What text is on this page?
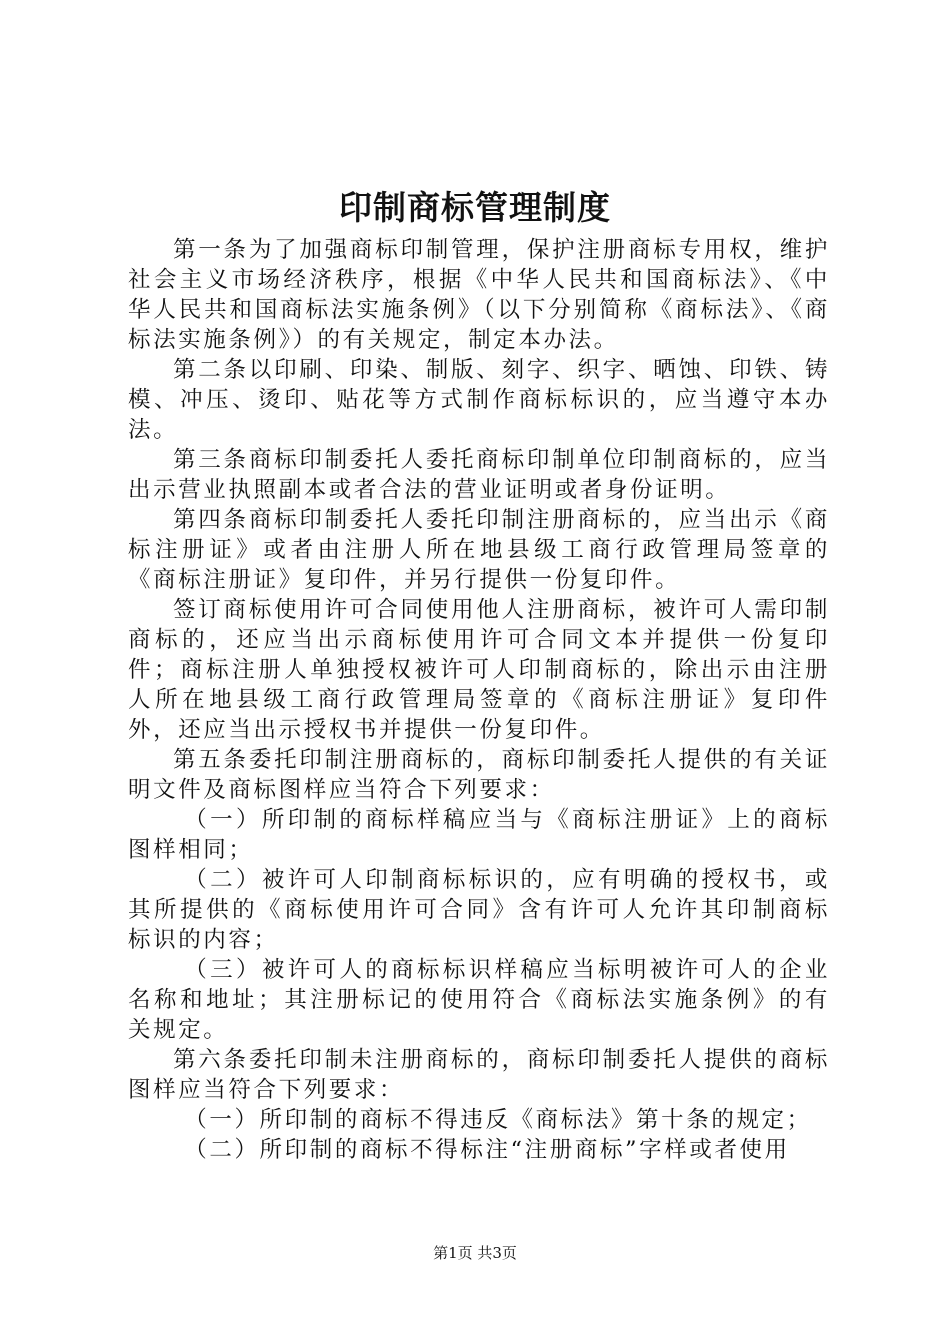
印制商标管理制度

第一条为了加强商标印制管理，保护注册商标专用权，维护社会主义市场经济秩序，根据《中华人民共和国商标法》、《中华人民共和国商标法实施条例》（以下分别简称《商标法》、《商标法实施条例》）的有关规定，制定本办法。

第二条以印刷、印染、制版、刻字、织字、晒蚀、印铁、铸模、冲压、烫印、贴花等方式制作商标标识的，应当遵守本办法。

第三条商标印制委托人委托商标印制单位印制商标的，应当出示营业执照副本或者合法的营业证明或者身份证明。

第四条商标印制委托人委托印制注册商标的，应当出示《商标注册证》或者由注册人所在地县级工商行政管理局签章的《商标注册证》复印件，并另行提供一份复印件。

签订商标使用许可合同使用他人注册商标，被许可人需印制商标的，还应当出示商标使用许可合同文本并提供一份复印件；商标注册人单独授权被许可人印制商标的，除出示由注册人所在地县级工商行政管理局签章的《商标注册证》复印件外，还应当出示授权书并提供一份复印件。

第五条委托印制注册商标的，商标印制委托人提供的有关证明文件及商标图样应当符合下列要求：

（一）所印制的商标样稿应当与《商标注册证》上的商标图样相同；

（二）被许可人印制商标标识的，应有明确的授权书，或其所提供的《商标使用许可合同》含有许可人允许其印制商标标识的内容；

（三）被许可人的商标标识样稿应当标明被许可人的企业名称和地址；其注册标记的使用符合《商标法实施条例》的有关规定。

第六条委托印制未注册商标的，商标印制委托人提供的商标图样应当符合下列要求：

（一）所印制的商标不得违反《商标法》第十条的规定；

（二）所印制的商标不得标注“注册商标”字样或者使用

第1页 共3页
